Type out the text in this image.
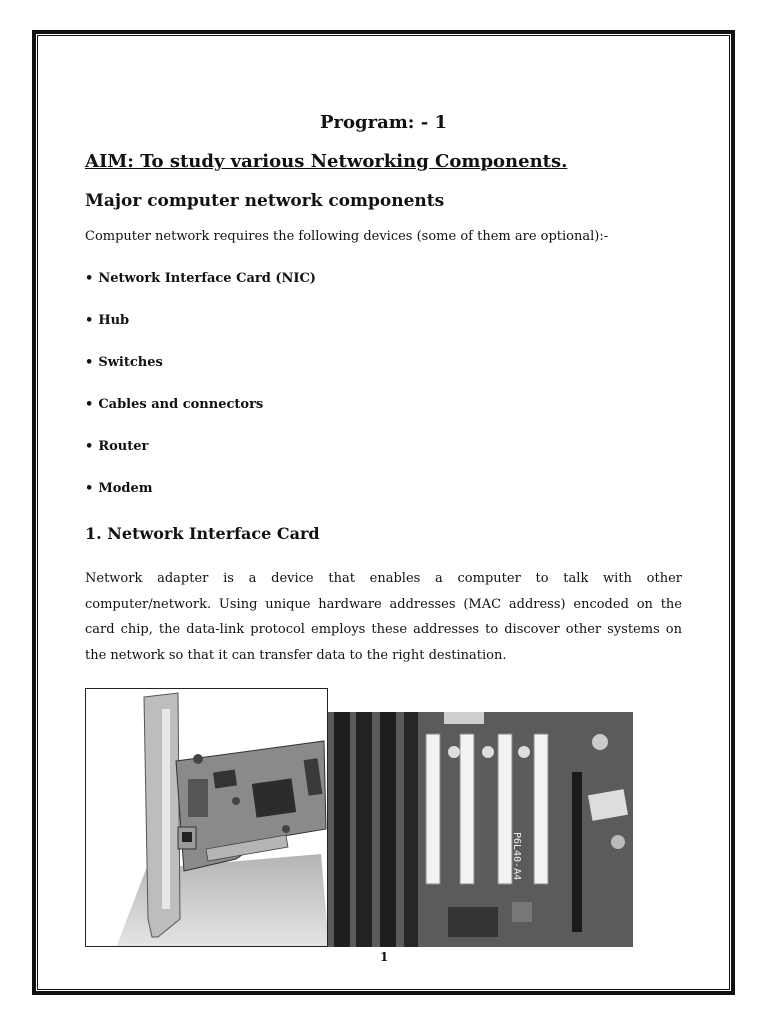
Program: - 1
AIM: To study various Networking Components.
Major computer network components
Computer network requires the following devices (some of them are optional):-
• Network Interface Card (NIC)
• Hub
• Switches
• Cables and connectors
• Router
• Modem
1. Network Interface Card

Network adapter is a device that enables a computer to talk with other computer/network. Using unique hardware addresses (MAC address) encoded on the card chip, the data-link protocol employs these addresses to discover other systems on the network so that it can transfer data to the right destination.

P6L40-A4
1
